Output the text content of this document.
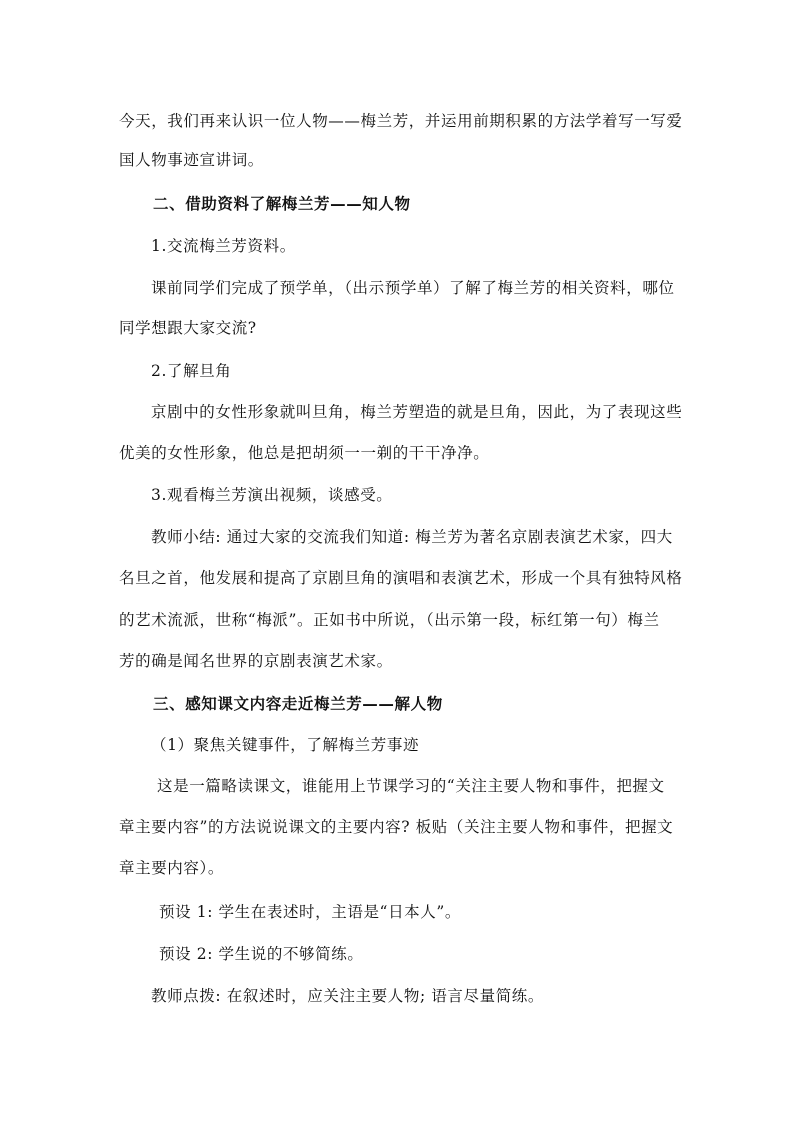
今天，我们再来认识一位人物——梅兰芳，并运用前期积累的方法学着写一写爱
国人物事迹宣讲词。
二、借助资料了解梅兰芳——知人物
1.交流梅兰芳资料。
课前同学们完成了预学单，（出示预学单）了解了梅兰芳的相关资料，哪位
同学想跟大家交流?
2.了解旦角
京剧中的女性形象就叫旦角，梅兰芳塑造的就是旦角，因此，为了表现这些
优美的女性形象，他总是把胡须一一剃的干干净净。
3.观看梅兰芳演出视频，谈感受。
教师小结: 通过大家的交流我们知道: 梅兰芳为著名京剧表演艺术家，四大
名旦之首，他发展和提高了京剧旦角的演唱和表演艺术，形成一个具有独特风格
的艺术流派，世称“梅派”。正如书中所说，（出示第一段，标红第一句）梅兰
芳的确是闻名世界的京剧表演艺术家。
三、感知课文内容走近梅兰芳——解人物
（1）聚焦关键事件，了解梅兰芳事迹
这是一篇略读课文，谁能用上节课学习的“关注主要人物和事件，把握文
章主要内容”的方法说说课文的主要内容? 板贴（关注主要人物和事件，把握文
章主要内容）。
预设 1: 学生在表述时，主语是“日本人”。
预设 2: 学生说的不够简练。
教师点拨: 在叙述时，应关注主要人物; 语言尽量简练。
